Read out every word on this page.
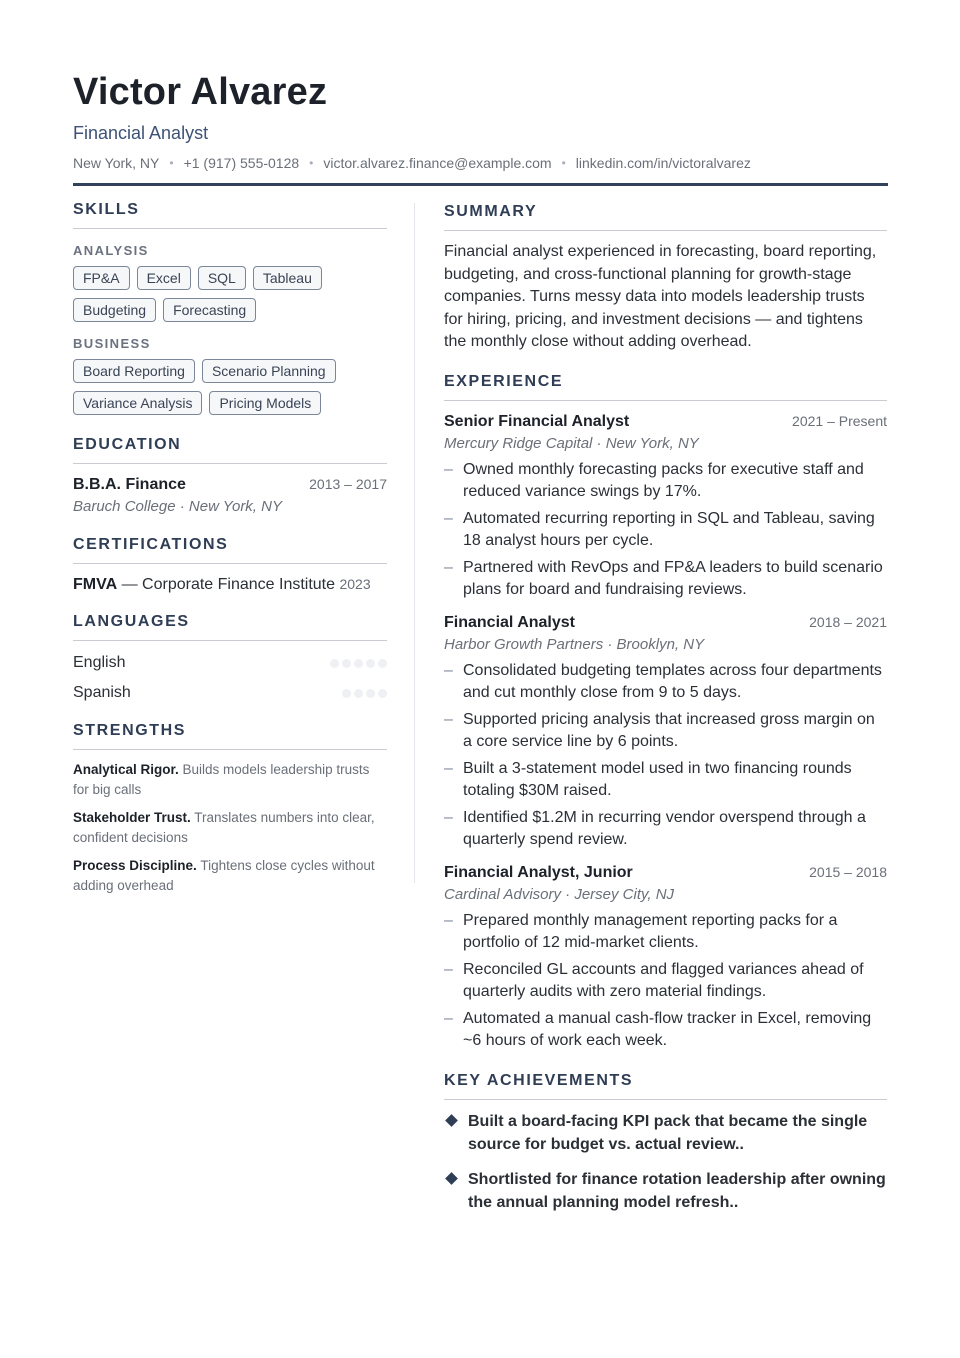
Victor Alvarez
Financial Analyst
New York, NY • +1 (917) 555-0128 • victor.alvarez.finance@example.com • linkedin.com/in/victoralvarez
SKILLS
ANALYSIS
FP&A	Excel	SQL	Tableau
Budgeting	Forecasting
BUSINESS
Board Reporting	Scenario Planning
Variance Analysis	Pricing Models
EDUCATION
B.B.A. Finance	2013 – 2017
Baruch College · New York, NY
CERTIFICATIONS
FMVA — Corporate Finance Institute 2023
LANGUAGES
English
Spanish
STRENGTHS
Analytical Rigor. Builds models leadership trusts for big calls
Stakeholder Trust. Translates numbers into clear, confident decisions
Process Discipline. Tightens close cycles without adding overhead
SUMMARY
Financial analyst experienced in forecasting, board reporting, budgeting, and cross-functional planning for growth-stage companies. Turns messy data into models leadership trusts for hiring, pricing, and investment decisions — and tightens the monthly close without adding overhead.
EXPERIENCE
Senior Financial Analyst	2021 – Present
Mercury Ridge Capital · New York, NY
– Owned monthly forecasting packs for executive staff and reduced variance swings by 17%.
– Automated recurring reporting in SQL and Tableau, saving 18 analyst hours per cycle.
– Partnered with RevOps and FP&A leaders to build scenario plans for board and fundraising reviews.
Financial Analyst	2018 – 2021
Harbor Growth Partners · Brooklyn, NY
– Consolidated budgeting templates across four departments and cut monthly close from 9 to 5 days.
– Supported pricing analysis that increased gross margin on a core service line by 6 points.
– Built a 3-statement model used in two financing rounds totaling $30M raised.
– Identified $1.2M in recurring vendor overspend through a quarterly spend review.
Financial Analyst, Junior	2015 – 2018
Cardinal Advisory · Jersey City, NJ
– Prepared monthly management reporting packs for a portfolio of 12 mid-market clients.
– Reconciled GL accounts and flagged variances ahead of quarterly audits with zero material findings.
– Automated a manual cash-flow tracker in Excel, removing ~6 hours of work each week.
KEY ACHIEVEMENTS
Built a board-facing KPI pack that became the single source for budget vs. actual review..
Shortlisted for finance rotation leadership after owning the annual planning model refresh..
